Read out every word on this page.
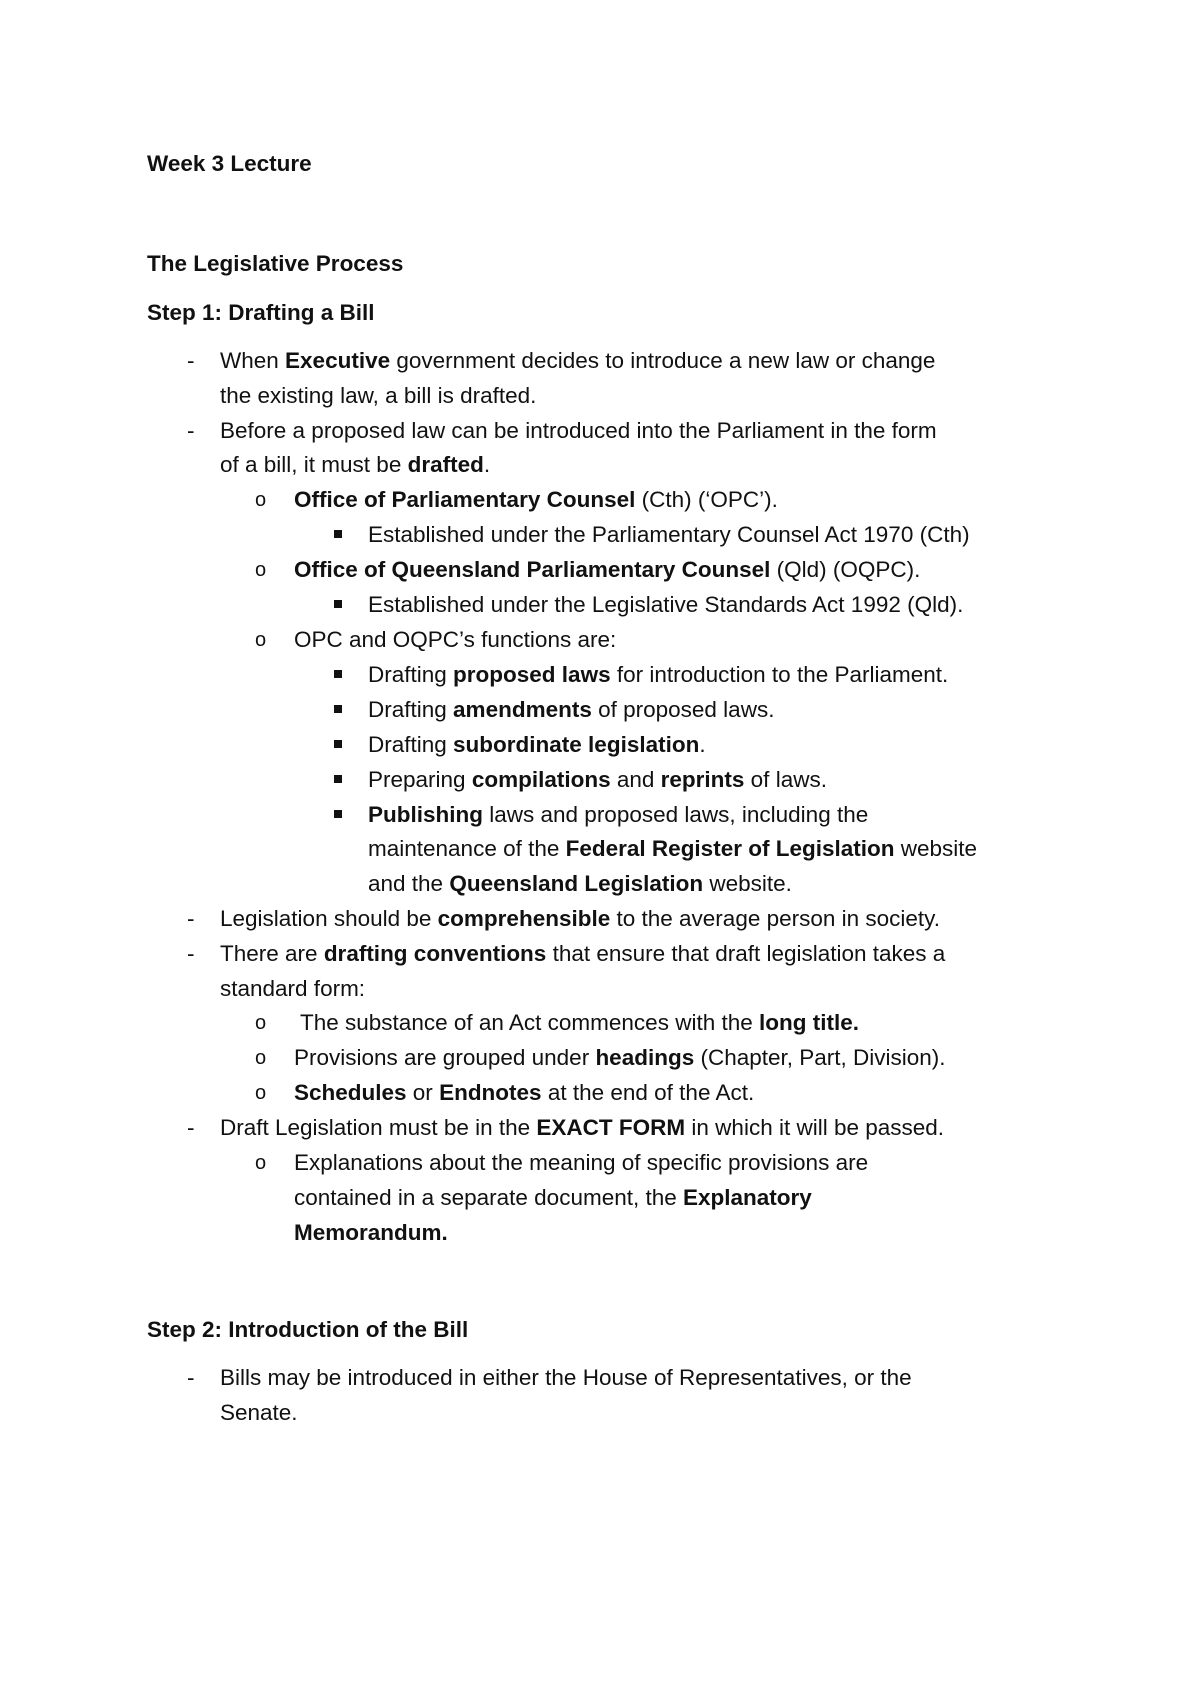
Week 3 Lecture
The Legislative Process
Step 1: Drafting a Bill
- When Executive government decides to introduce a new law or change
the existing law, a bill is drafted.
- Before a proposed law can be introduced into the Parliament in the form
of a bill, it must be drafted.
o Office of Parliamentary Counsel (Cth) (‘OPC’).
Established under the Parliamentary Counsel Act 1970 (Cth)
o Office of Queensland Parliamentary Counsel (Qld) (OQPC).
Established under the Legislative Standards Act 1992 (Qld).
o OPC and OQPC’s functions are:
Drafting proposed laws for introduction to the Parliament.
Drafting amendments of proposed laws.
Drafting subordinate legislation.
Preparing compilations and reprints of laws.
Publishing laws and proposed laws, including the
maintenance of the Federal Register of Legislation website
and the Queensland Legislation website.
- Legislation should be comprehensible to the average person in society.
- There are drafting conventions that ensure that draft legislation takes a
standard form:
o The substance of an Act commences with the long title.
o Provisions are grouped under headings (Chapter, Part, Division).
o Schedules or Endnotes at the end of the Act.
- Draft Legislation must be in the EXACT FORM in which it will be passed.
o Explanations about the meaning of specific provisions are
contained in a separate document, the Explanatory
Memorandum.
Step 2: Introduction of the Bill
- Bills may be introduced in either the House of Representatives, or the
Senate.
